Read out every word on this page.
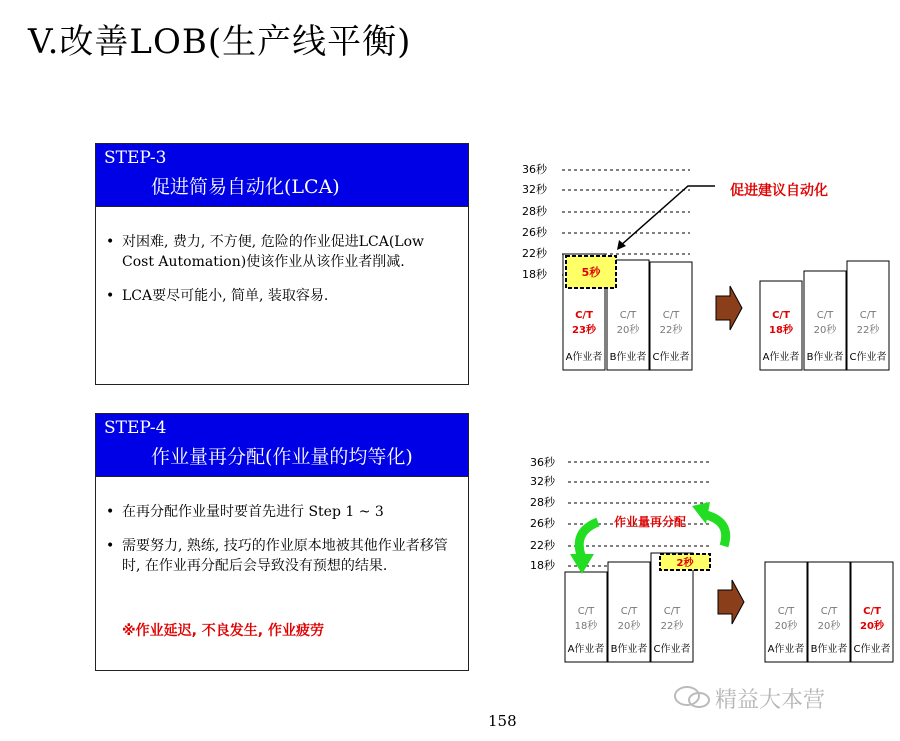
V.改善LOB(生产线平衡)
STEP-3
促进简易自动化(LCA)
• 对困难, 费力, 不方便, 危险的作业促进LCA(Low Cost Automation)使该作业从该作业者削减.
• LCA要尽可能小, 简单, 装取容易.
STEP-4
作业量再分配(作业量的均等化)
• 在再分配作业量时要首先进行 Step 1 ~ 3
• 需要努力, 熟练, 技巧的作业原本地被其他作业者移管时, 在作业再分配后会导致没有预想的结果.
※作业延迟, 不良发生, 作业疲劳
36秒
32秒
28秒
26秒
22秒
18秒	5秒
C/T
23秒
A作业者
C/T
20秒
B作业者
C/T
22秒
C作业者
促进建议自动化
C/T
18秒
A作业者
C/T
20秒
B作业者
C/T
22秒
C作业者
36秒
32秒
28秒
26秒
22秒
18秒	2秒
作业量再分配
C/T
18秒
A作业者
C/T
20秒
B作业者
C/T
22秒
C作业者
C/T
20秒
A作业者
C/T
20秒
B作业者
C/T
20秒
C作业者
158
精益大本营
